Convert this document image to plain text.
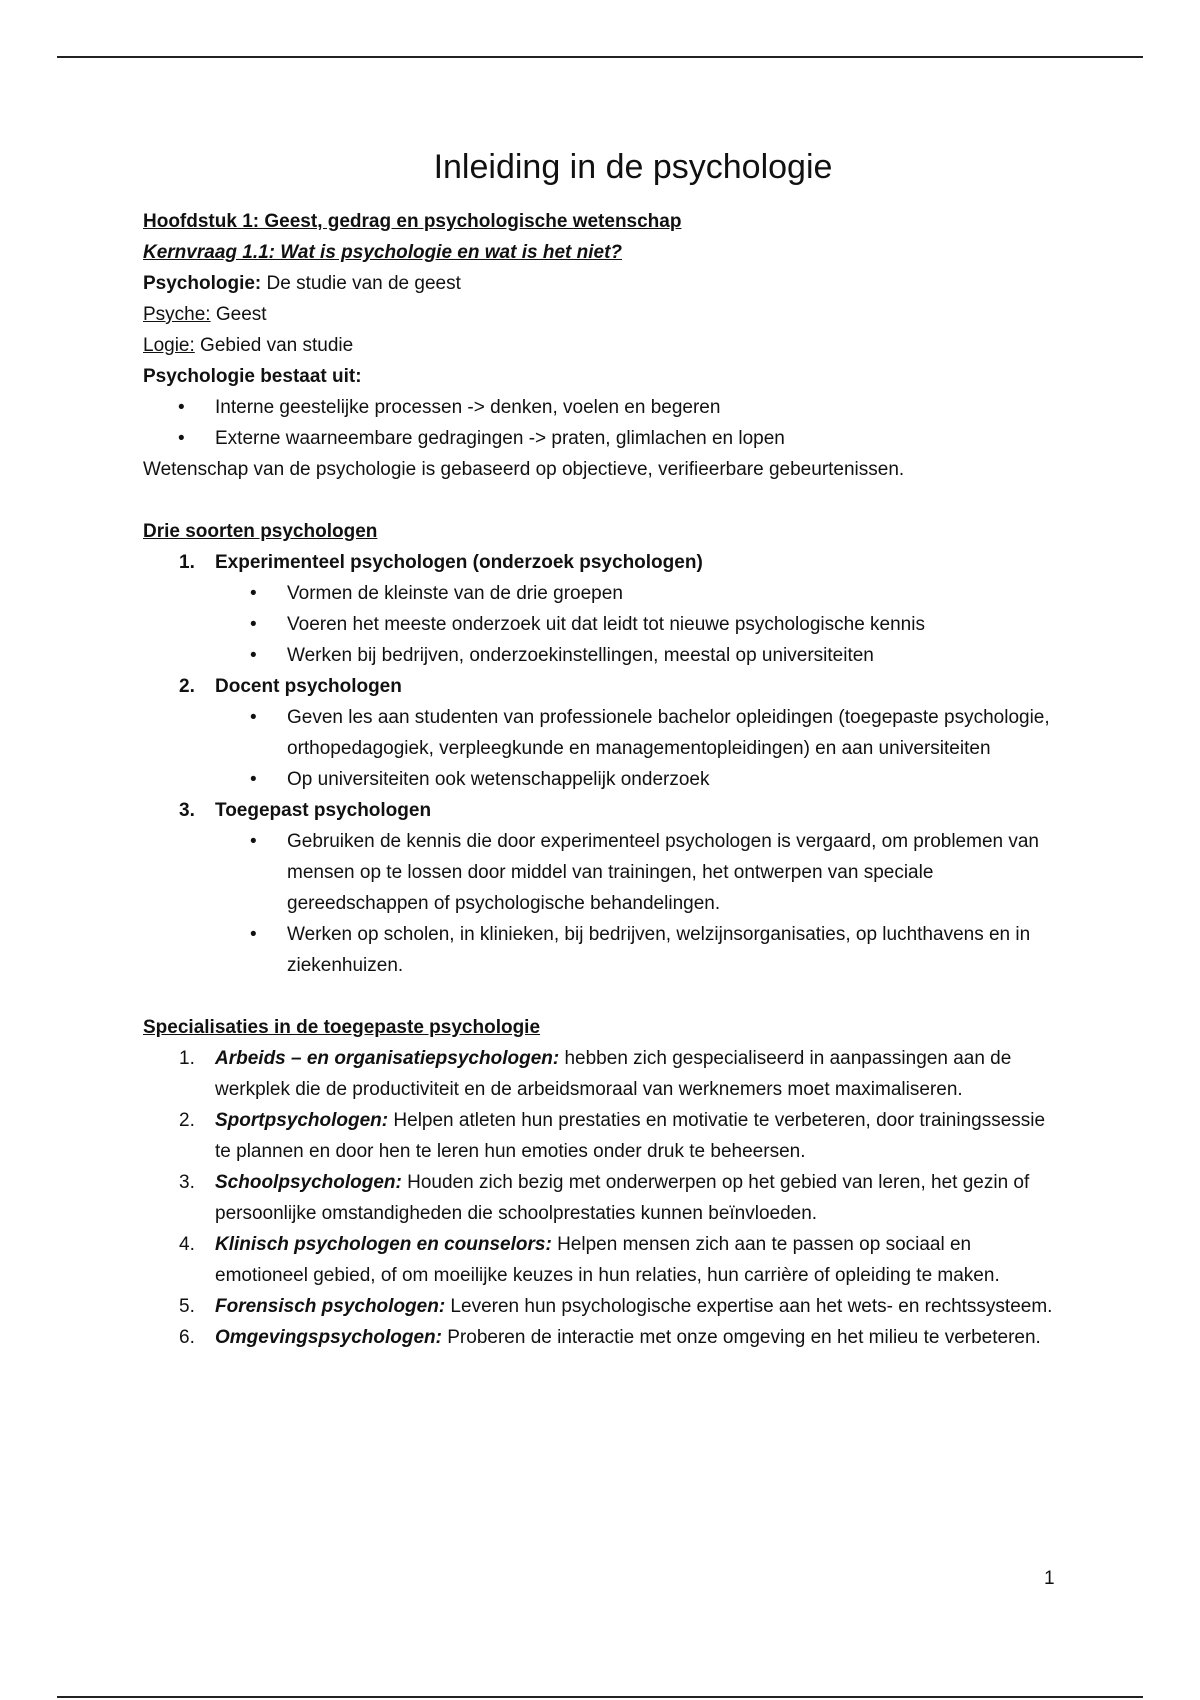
Inleiding in de psychologie

Hoofdstuk 1: Geest, gedrag en psychologische wetenschap

Kernvraag 1.1: Wat is psychologie en wat is het niet?

Psychologie: De studie van de geest

Psyche: Geest

Logie: Gebied van studie

Psychologie bestaat uit:

• Interne geestelijke processen -> denken, voelen en begeren
• Externe waarneembare gedragingen -> praten, glimlachen en lopen

Wetenschap van de psychologie is gebaseerd op objectieve, verifieerbare gebeurtenissen.

Drie soorten psychologen

1. Experimenteel psychologen (onderzoek psychologen)
• Vormen de kleinste van de drie groepen
• Voeren het meeste onderzoek uit dat leidt tot nieuwe psychologische kennis
• Werken bij bedrijven, onderzoekinstellingen, meestal op universiteiten
2. Docent psychologen
• Geven les aan studenten van professionele bachelor opleidingen (toegepaste psychologie, orthopedagogiek, verpleegkunde en managementopleidingen) en aan universiteiten
• Op universiteiten ook wetenschappelijk onderzoek
3. Toegepast psychologen
• Gebruiken de kennis die door experimenteel psychologen is vergaard, om problemen van mensen op te lossen door middel van trainingen, het ontwerpen van speciale gereedschappen of psychologische behandelingen.
• Werken op scholen, in klinieken, bij bedrijven, welzijnsorganisaties, op luchthavens en in ziekenhuizen.

Specialisaties in de toegepaste psychologie

1. Arbeids – en organisatiepsychologen: hebben zich gespecialiseerd in aanpassingen aan de werkplek die de productiviteit en de arbeidsmoraal van werknemers moet maximaliseren.
2. Sportpsychologen: Helpen atleten hun prestaties en motivatie te verbeteren, door trainingssessie te plannen en door hen te leren hun emoties onder druk te beheersen.
3. Schoolpsychologen: Houden zich bezig met onderwerpen op het gebied van leren, het gezin of persoonlijke omstandigheden die schoolprestaties kunnen beïnvloeden.
4. Klinisch psychologen en counselors: Helpen mensen zich aan te passen op sociaal en emotioneel gebied, of om moeilijke keuzes in hun relaties, hun carrière of opleiding te maken.
5. Forensisch psychologen: Leveren hun psychologische expertise aan het wets- en rechtssysteem.
6. Omgevingspsychologen: Proberen de interactie met onze omgeving en het milieu te verbeteren.
1
